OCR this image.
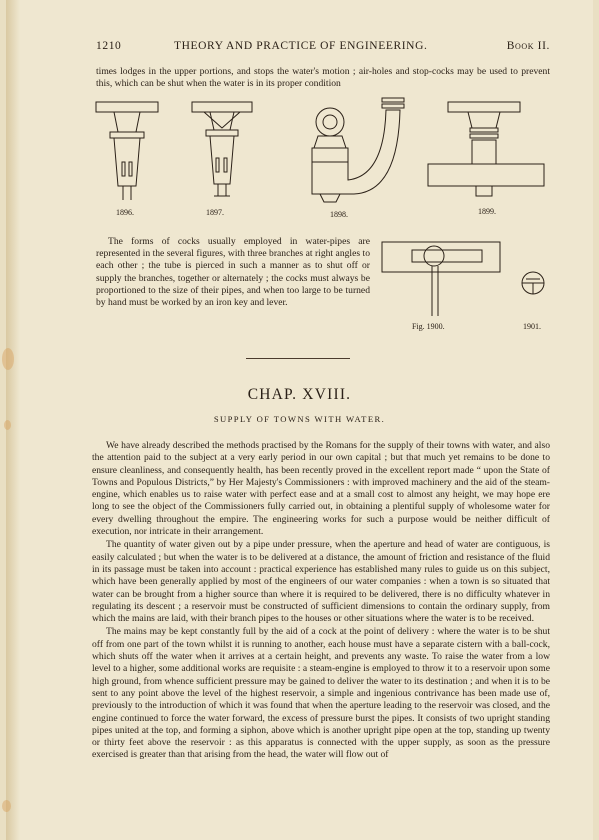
1210	THEORY AND PRACTICE OF ENGINEERING.	Book II.

times lodges in the upper portions, and stops the water's motion ; air-holes and stop-cocks may be used to prevent this, which can be shut when the water is in its proper condition

1896.	1897.	1898.	1899.

The forms of cocks usually employed in water-pipes are represented in the several figures, with three branches at right angles to each other ; the tube is pierced in such a manner as to shut off or supply the branches, together or alternately ; the cocks must always be proportioned to the size of their pipes, and when too large to be turned by hand must be worked by an iron key and lever.

Fig. 1900.	1901.
CHAP. XVIII.
SUPPLY OF TOWNS WITH WATER.

We have already described the methods practised by the Romans for the supply of their towns with water, and also the attention paid to the subject at a very early period in our own capital ; but that much yet remains to be done to ensure cleanliness, and consequently health, has been recently proved in the excellent report made “ upon the State of Towns and Populous Districts,” by Her Majesty's Commissioners : with improved machinery and the aid of the steam-engine, which enables us to raise water with perfect ease and at a small cost to almost any height, we may hope ere long to see the object of the Commissioners fully carried out, in obtaining a plentiful supply of wholesome water for every dwelling throughout the empire. The engineering works for such a purpose would be neither difficult of execution, nor intricate in their arrangement.

The quantity of water given out by a pipe under pressure, when the aperture and head of water are contiguous, is easily calculated ; but when the water is to be delivered at a distance, the amount of friction and resistance of the fluid in its passage must be taken into account : practical experience has established many rules to guide us on this subject, which have been generally applied by most of the engineers of our water companies : when a town is so situated that water can be brought from a higher source than where it is required to be delivered, there is no difficulty whatever in regulating its descent ; a reservoir must be constructed of sufficient dimensions to contain the ordinary supply, from which the mains are laid, with their branch pipes to the houses or other situations where the water is to be received.

The mains may be kept constantly full by the aid of a cock at the point of delivery : where the water is to be shut off from one part of the town whilst it is running to another, each house must have a separate cistern with a ball-cock, which shuts off the water when it arrives at a certain height, and prevents any waste. To raise the water from a low level to a higher, some additional works are requisite : a steam-engine is employed to throw it to a reservoir upon some high ground, from whence sufficient pressure may be gained to deliver the water to its destination ; and when it is to be sent to any point above the level of the highest reservoir, a simple and ingenious contrivance has been made use of, previously to the introduction of which it was found that when the aperture leading to the reservoir was closed, and the engine continued to force the water forward, the excess of pressure burst the pipes. It consists of two upright standing pipes united at the top, and forming a siphon, above which is another upright pipe open at the top, standing up twenty or thirty feet above the reservoir : as this apparatus is connected with the upper supply, as soon as the pressure exercised is greater than that arising from the head, the water will flow out of
